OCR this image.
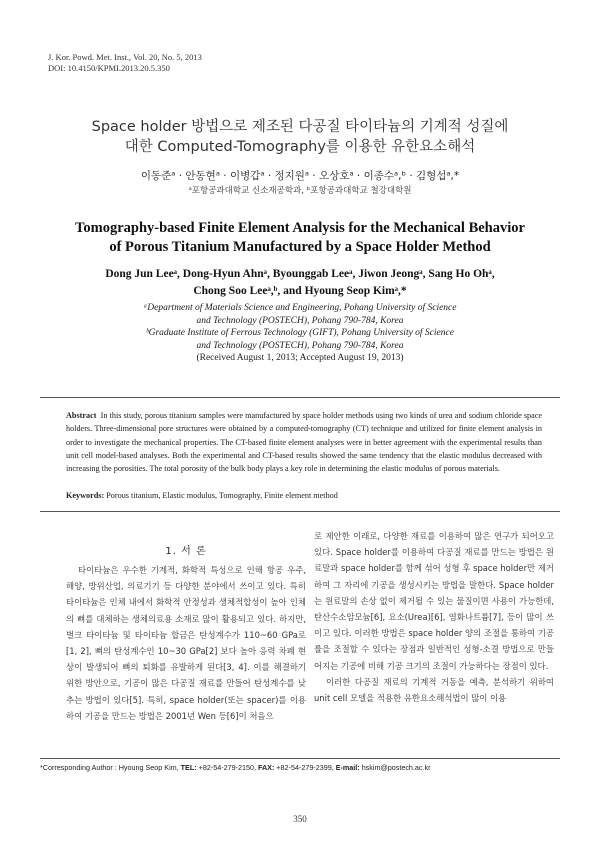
J. Kor. Powd. Met. Inst., Vol. 20, No. 5, 2013
DOI: 10.4150/KPMI.2013.20.5.350
Space holder 방법으로 제조된 다공질 타이타늄의 기계적 성질에
대한 Computed-Tomography를 이용한 유한요소해석
이동준ᵃ · 안동현ᵃ · 이병갑ᵃ · 정지원ᵃ · 오상호ᵃ · 이종수ᵃ,ᵇ · 김형섭ᵃ,*
ᵃ포항공과대학교 신소재공학과, ᵇ포항공과대학교 철강대학원
Tomography-based Finite Element Analysis for the Mechanical Behavior
of Porous Titanium Manufactured by a Space Holder Method
Dong Jun Leeᵃ, Dong-Hyun Ahnᵃ, Byounggab Leeᵃ, Jiwon Jeongᵃ, Sang Ho Ohᵃ,
Chong Soo Leeᵃ,ᵇ, and Hyoung Seop Kimᵃ,*
ᵃDepartment of Materials Science and Engineering, Pohang University of Science
and Technology (POSTECH), Pohang 790-784, Korea
ᵇGraduate Institute of Ferrous Technology (GIFT), Pohang University of Science
and Technology (POSTECH), Pohang 790-784, Korea
(Received August 1, 2013; Accepted August 19, 2013)
Abstract In this study, porous titanium samples were manufactured by space holder methods using two kinds of urea and sodium chloride space holders. Three-dimensional pore structures were obtained by a computed-tomography (CT) technique and utilized for finite element analysis in order to investigate the mechanical properties. The CT-based finite element analyses were in better agreement with the experimental results than unit cell model-based analyses. Both the experimental and CT-based results showed the same tendency that the elastic modulus decreased with increasing the porosities. The total porosity of the bulk body plays a key role in determining the elastic modulus of porous materials.
Keywords: Porous titanium, Elastic modulus, Tomography, Finite element method
1. 서 론

타이타늄은 우수한 기계적, 화학적 특성으로 인해 항공 우주, 해양, 방위산업, 의료기기 등 다양한 분야에서 쓰이고 있다. 특히 타이타늄은 인체 내에서 화학적 안정성과 생체적합성이 높아 인체의 뼈를 대체하는 생체의료용 소재로 많이 활용되고 있다. 하지만, 벌크 타이타늄 및 타이타늄 합금은 탄성계수가 110~60 GPa로[1, 2], 뼈의 탄성계수인 10~30 GPa[2] 보다 높아 응력 차폐 현상이 발생되어 뼈의 퇴화를 유발하게 된다[3, 4]. 이를 해결하기 위한 방안으로, 기공이 많은 다공질 재료를 만들어 탄성계수를 낮추는 방법이 있다[5]. 특히, space holder(또는 spacer)를 이용하여 기공을 만드는 방법은 2001년 Wen 등[6]이 처음으

로 제안한 이래로, 다양한 재료를 이용하여 많은 연구가 되어오고 있다. Space holder를 이용하여 다공질 재료를 만드는 방법은 원료말과 space holder를 함께 섞어 성형 후 space holder만 제거하여 그 자리에 기공을 생성시키는 방법을 말한다. Space holder는 원료말의 손상 없이 제거될 수 있는 물질이면 사용이 가능한데, 탄산수소암모늄[6], 요소(Urea)[6], 염화나트륨[7], 등이 많이 쓰이고 있다. 이러한 방법은 space holder 양의 조절을 통하여 기공률을 조절할 수 있다는 장점과 일반적인 성형-소결 방법으로 만들어지는 기공에 비해 기공 크기의 조절이 가능하다는 장점이 있다.

이러한 다공질 재료의 기계적 거동을 예측, 분석하기 위하여 unit cell 모델을 적용한 유한요소해석법이 많이 이용

*Corresponding Author : Hyoung Seop Kim, TEL: +82-54-279-2150, FAX: +82-54-279-2399, E-mail: hskim@postech.ac.kr
350
